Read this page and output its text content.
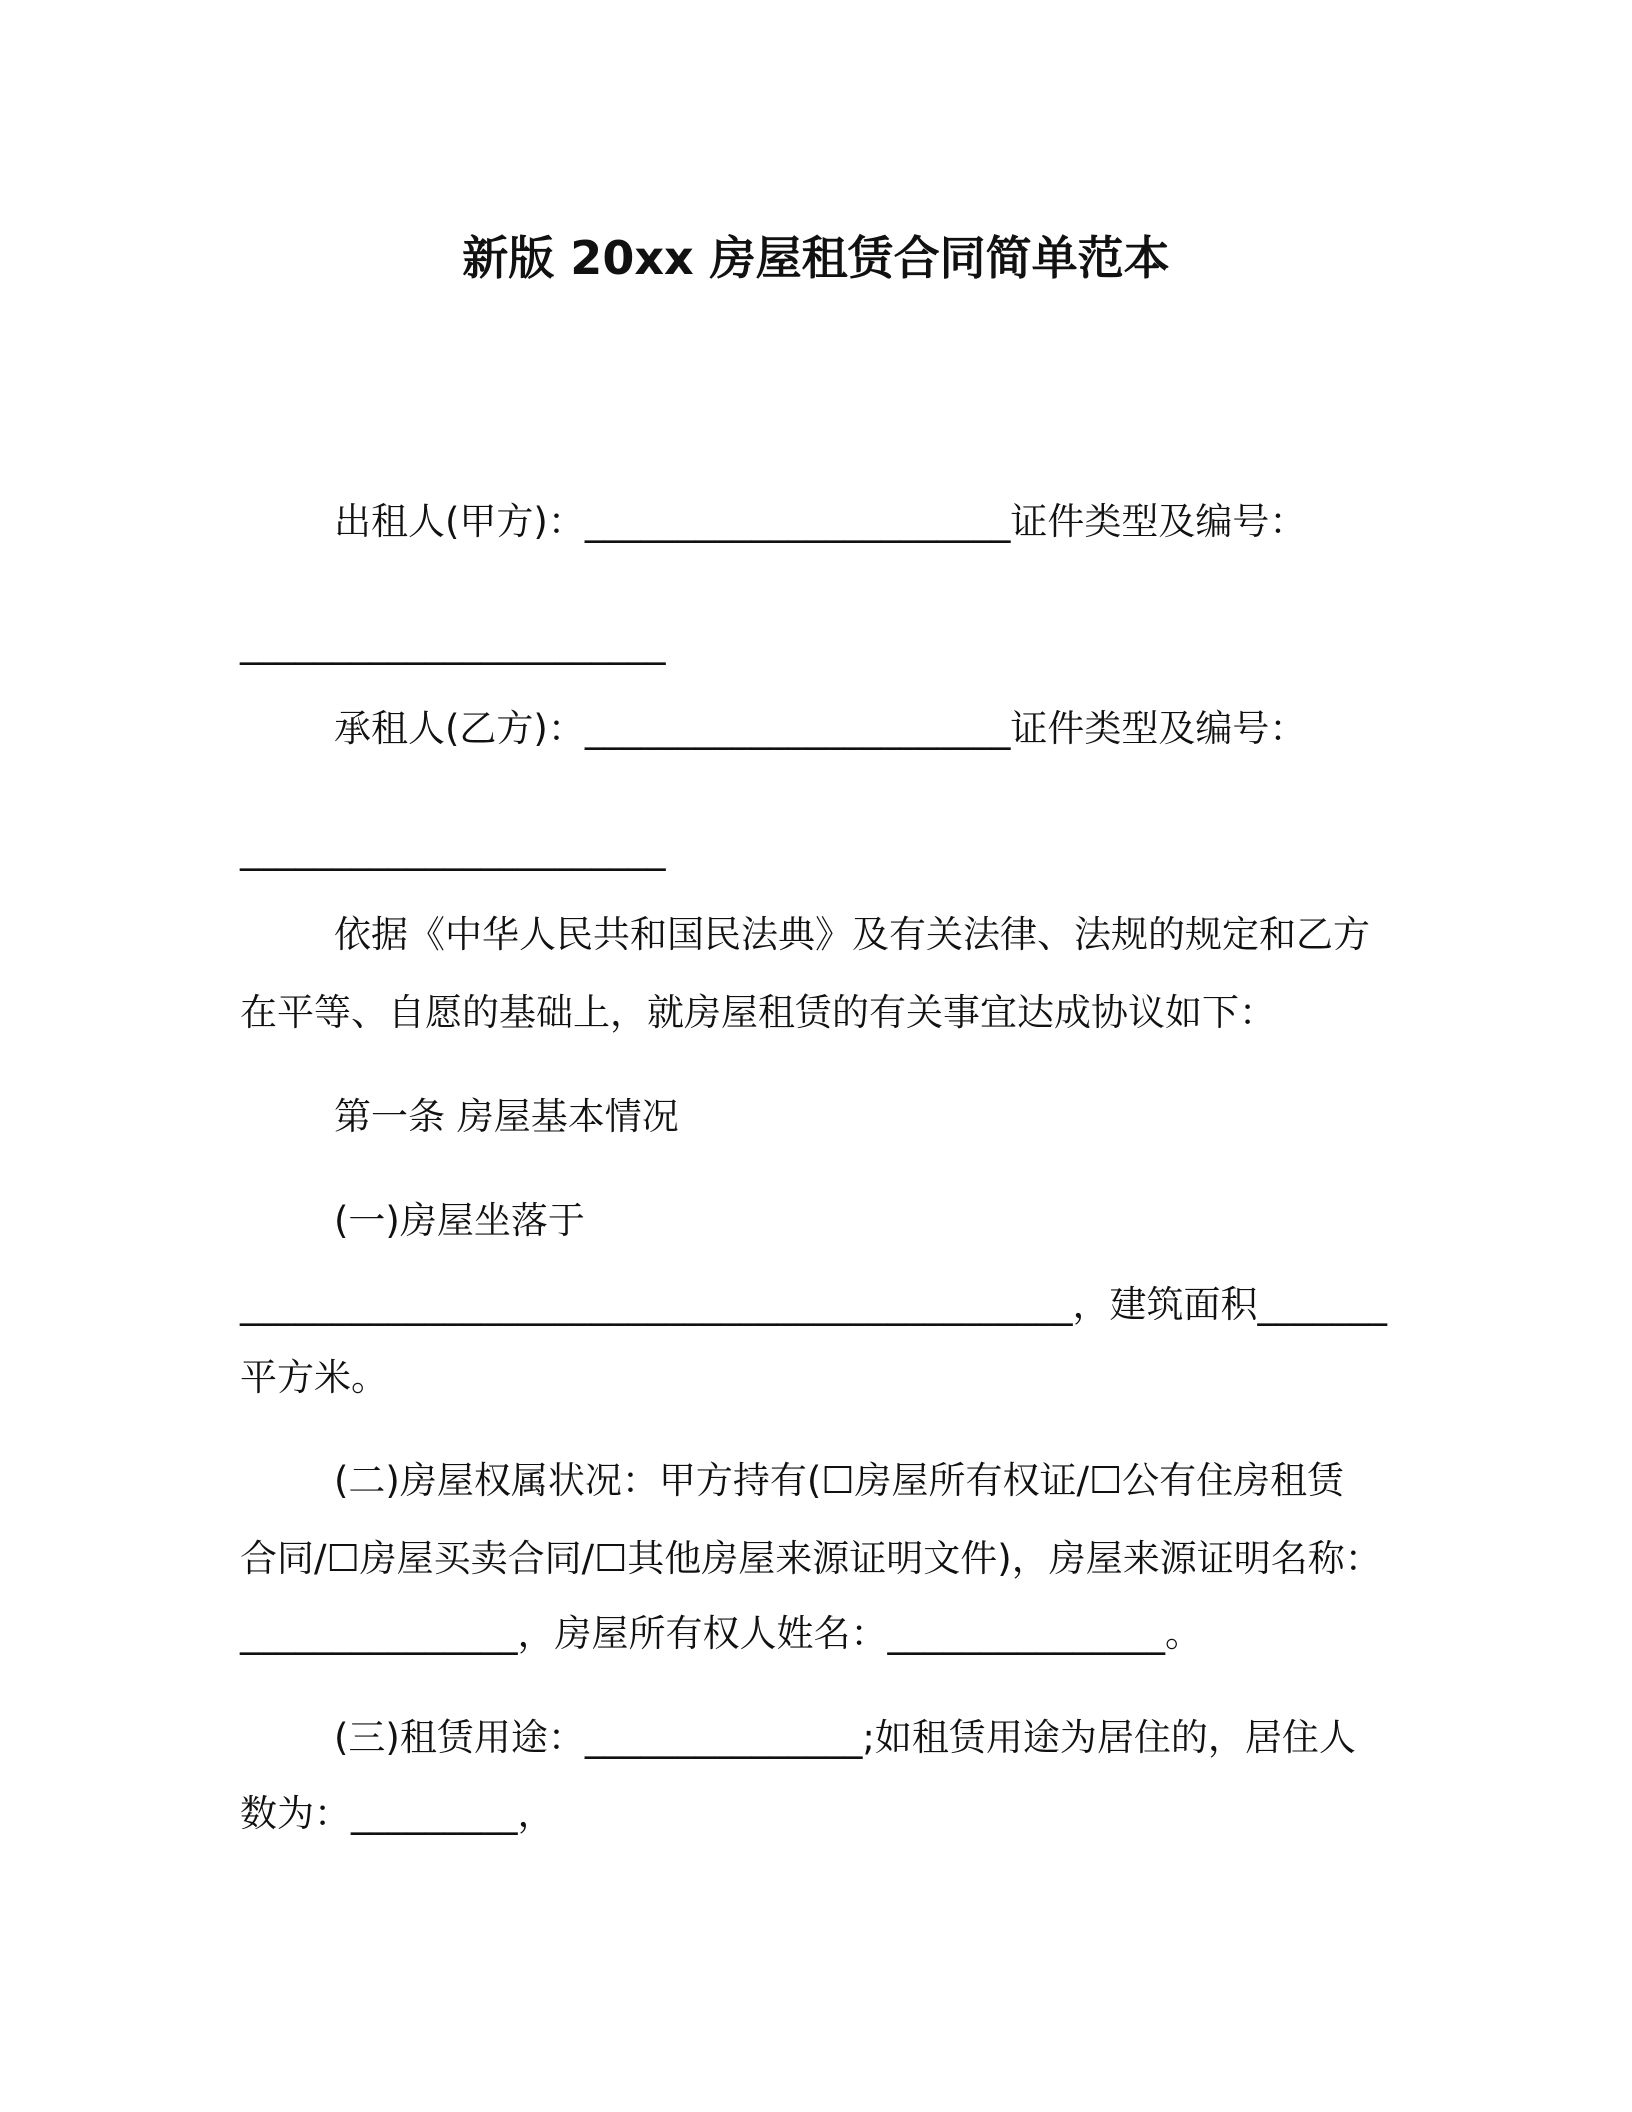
新版 20xx 房屋租赁合同简单范本
出租人(甲方)：_______________________证件类型及编号：
_______________________
承租人(乙方)：_______________________证件类型及编号：
_______________________
依据《中华人民共和国民法典》及有关法律、法规的规定和乙方
在平等、自愿的基础上，就房屋租赁的有关事宜达成协议如下：
第一条 房屋基本情况
(一)房屋坐落于
_____________________________________________，建筑面积_______
平方米。
(二)房屋权属状况：甲方持有(☐房屋所有权证/☐公有住房租赁
合同/☐房屋买卖合同/☐其他房屋来源证明文件)，房屋来源证明名称：
_______________，房屋所有权人姓名：_______________。
(三)租赁用途：_______________;如租赁用途为居住的，居住人
数为：_________，
